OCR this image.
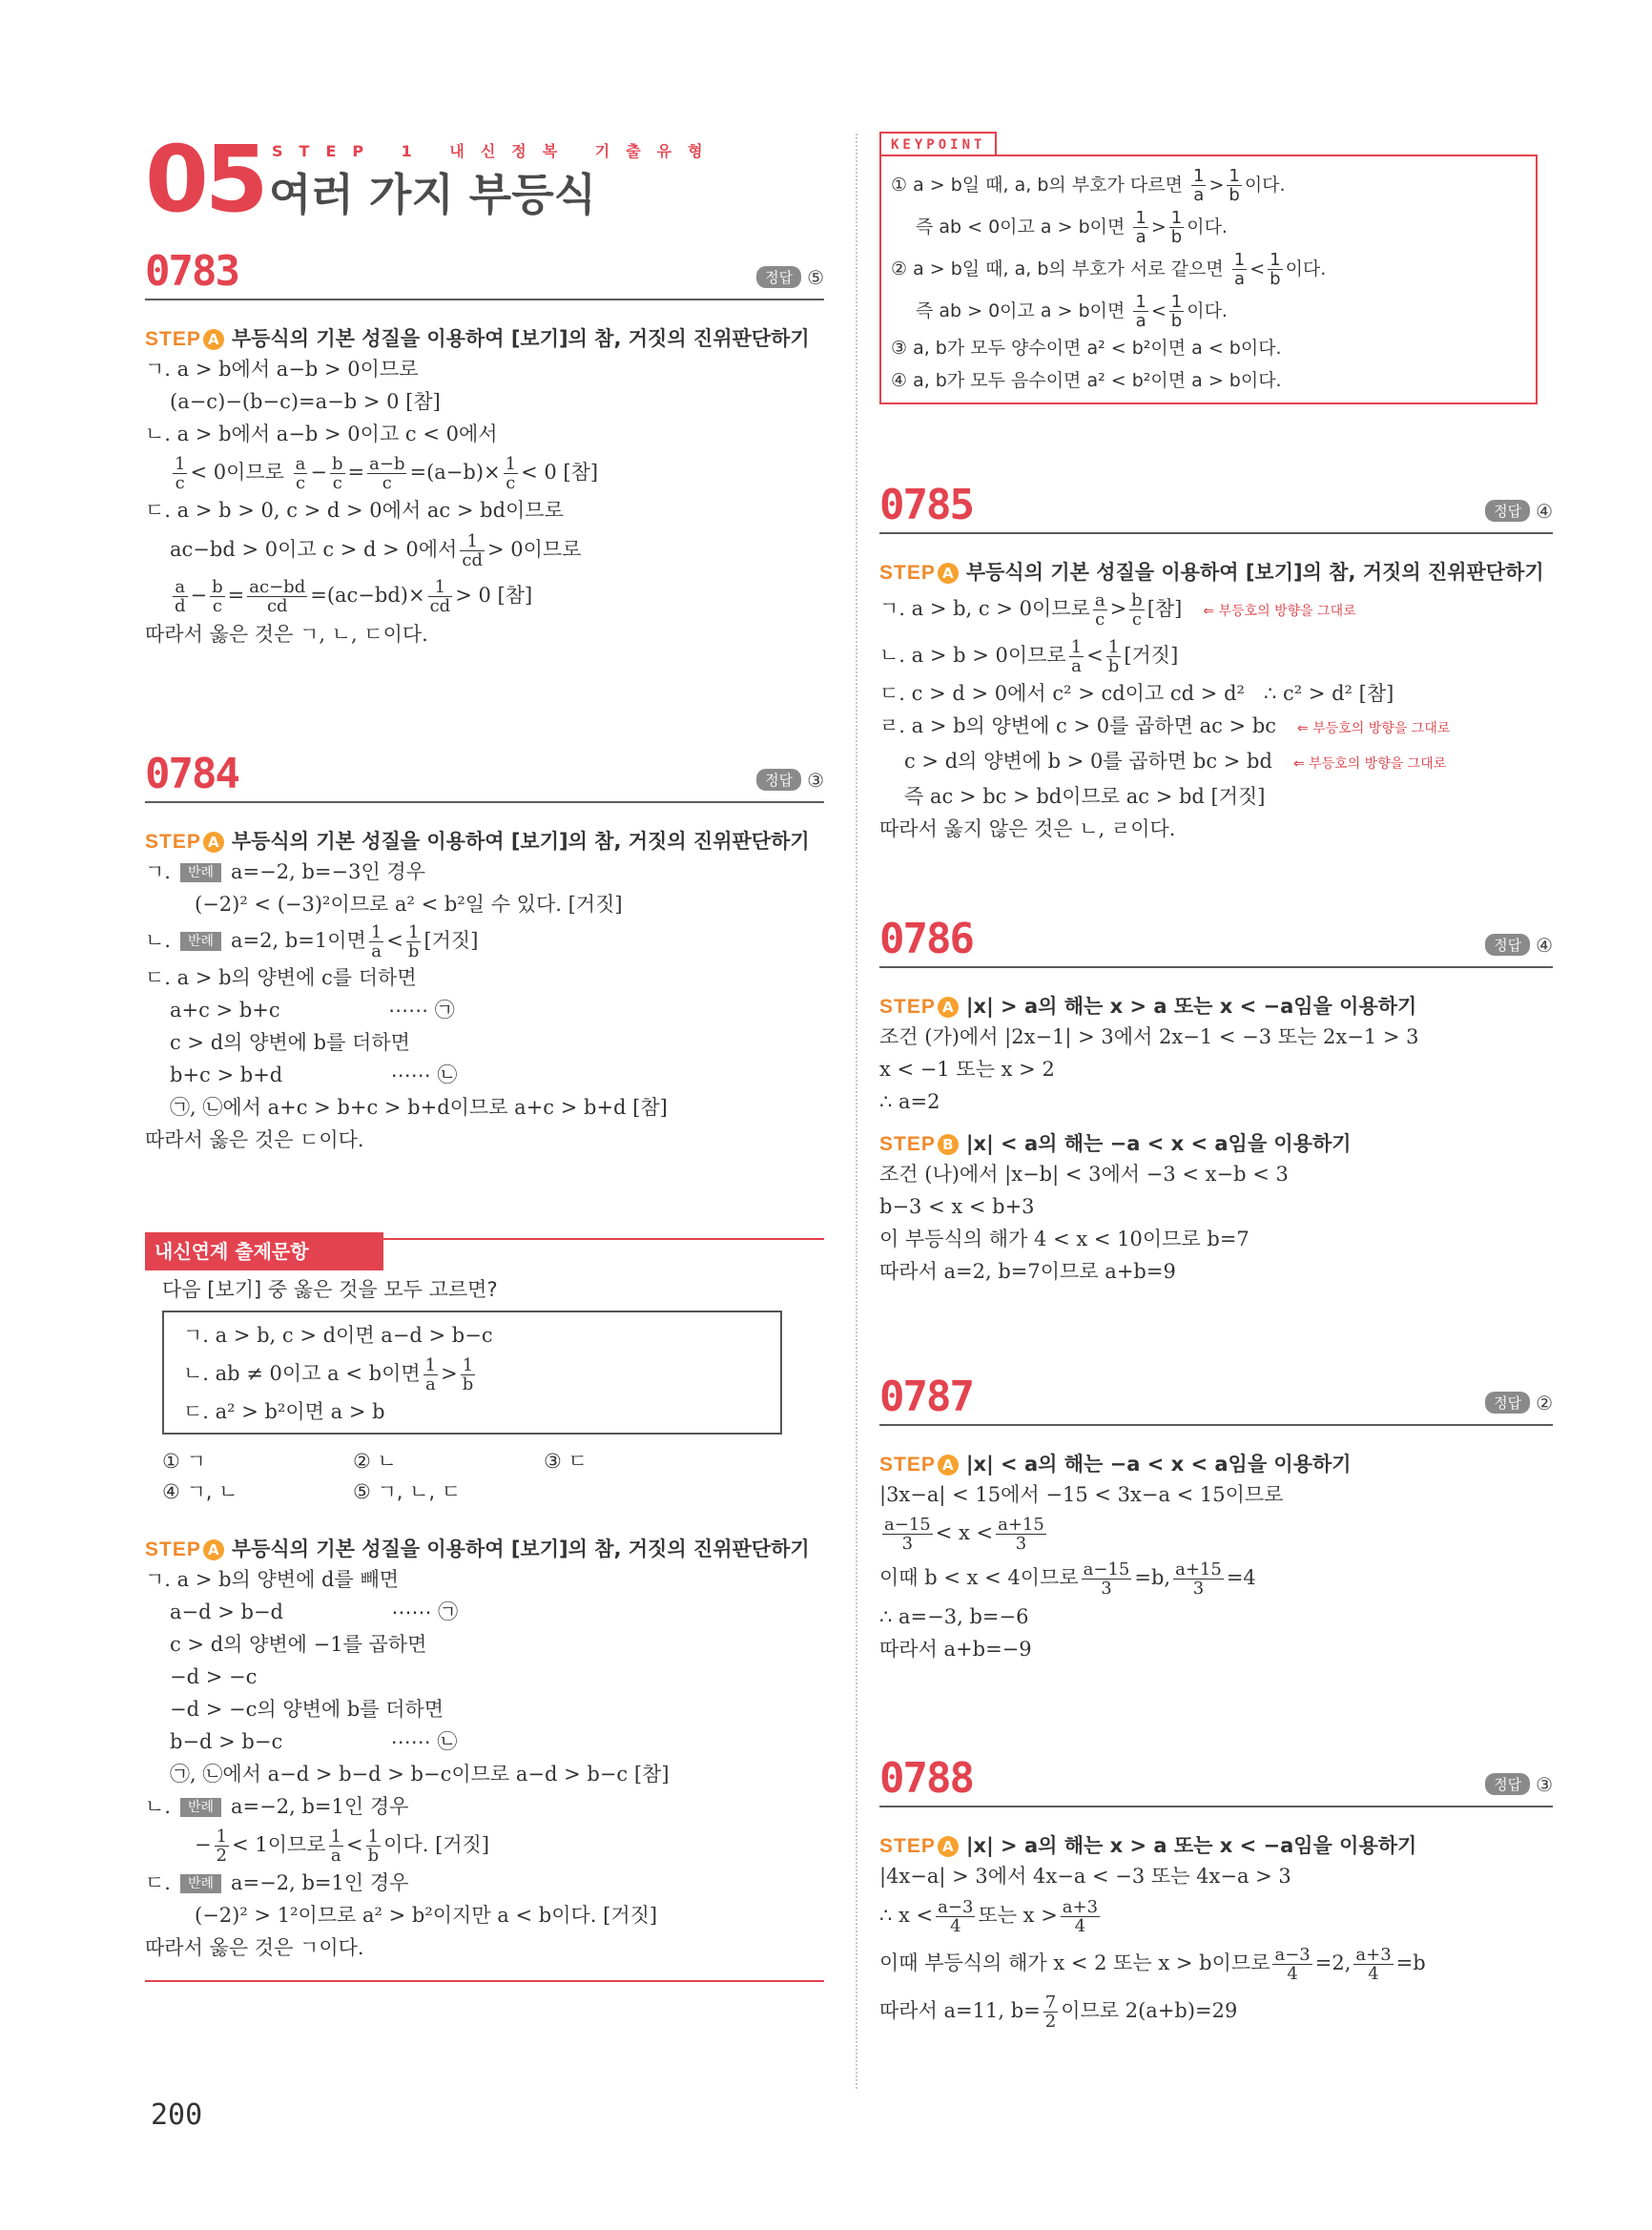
05 STEP 1 내신정복 기출유형
여러 가지 부등식
0783	정답 ⑤
STEP A 부등식의 기본 성질을 이용하여 [보기]의 참, 거짓의 진위판단하기
ㄱ. a > b에서 a−b > 0이므로
(a−c)−(b−c)=a−b > 0 [참]
ㄴ. a > b에서 a−b > 0이고 c < 0에서
$\frac{1}{c} < 0$이므로 $\frac{a}{c} - \frac{b}{c} = \frac{a-b}{c} =(a-b)\times \frac{1}{c} < 0$ [참]
ㄷ. a > b > 0, c > d > 0에서 ac > bd이므로
ac−bd > 0이고 c > d > 0에서 $\frac{1}{cd} > 0$이므로
$\frac{a}{d} - \frac{b}{c} = \frac{ac-bd}{cd} =(ac-bd)\times \frac{1}{cd} > 0$ [참]
따라서 옳은 것은 ㄱ, ㄴ, ㄷ이다.
0784	정답 ③
STEP A 부등식의 기본 성질을 이용하여 [보기]의 참, 거짓의 진위판단하기
ㄱ. 반례 a=−2, b=−3인 경우
(−2)² < (−3)²이므로 a² < b²일 수 있다. [거짓]
ㄴ. 반례 a=2, b=1이면 $\frac{1}{a} < \frac{1}{b}$ [거짓]
ㄷ. a > b의 양변에 c를 더하면
a+c > b+c                 ⋯⋯ ㉠
c > d의 양변에 b를 더하면
b+c > b+d                 ⋯⋯ ㉡
㉠, ㉡에서 a+c > b+c > b+d이므로 a+c > b+d [참]
따라서 옳은 것은 ㄷ이다.
내신연계 출제문항
다음 [보기] 중 옳은 것을 모두 고르면?
ㄱ. a > b, c > d이면 a−d > b−c
ㄴ. ab ≠ 0이고 a < b이면 $\frac{1}{a} > \frac{1}{b}$
ㄷ. a² > b²이면 a > b
① ㄱ	② ㄴ	③ ㄷ
④ ㄱ, ㄴ	⑤ ㄱ, ㄴ, ㄷ
STEP A 부등식의 기본 성질을 이용하여 [보기]의 참, 거짓의 진위판단하기
ㄱ. a > b의 양변에 d를 빼면
a−d > b−d                 ⋯⋯ ㉠
c > d의 양변에 −1를 곱하면
−d > −c
−d > −c의 양변에 b를 더하면
b−d > b−c                 ⋯⋯ ㉡
㉠, ㉡에서 a−d > b−d > b−c이므로 a−d > b−c [참]
ㄴ. 반례 a=−2, b=1인 경우
− $\frac{1}{2} < 1$이므로 $\frac{1}{a} < \frac{1}{b}$ 이다. [거짓]
ㄷ. 반례 a=−2, b=1인 경우
(−2)² > 1²이므로 a² > b²이지만 a < b이다. [거짓]
따라서 옳은 것은 ㄱ이다.
200
KEYPOINT
① a > b일 때, a, b의 부호가 다르면 $\frac{1}{a} > \frac{1}{b}$ 이다.
즉 ab < 0이고 a > b이면 $\frac{1}{a} > \frac{1}{b}$ 이다.
② a > b일 때, a, b의 부호가 서로 같으면 $\frac{1}{a} < \frac{1}{b}$ 이다.
즉 ab > 0이고 a > b이면 $\frac{1}{a} < \frac{1}{b}$ 이다.
③ a, b가 모두 양수이면 a² < b²이면 a < b이다.
④ a, b가 모두 음수이면 a² < b²이면 a > b이다.
0785	정답 ④
STEP A 부등식의 기본 성질을 이용하여 [보기]의 참, 거짓의 진위판단하기
ㄱ. a > b, c > 0이므로 $\frac{a}{c} > \frac{b}{c}$ [참] ⇐ 부등호의 방향을 그대로
ㄴ. a > b > 0이므로 $\frac{1}{a} < \frac{1}{b}$ [거짓]
ㄷ. c > d > 0에서 c² > cd이고 cd > d²   ∴ c² > d² [참]
ㄹ. a > b의 양변에 c > 0를 곱하면 ac > bc ⇐ 부등호의 방향을 그대로
c > d의 양변에 b > 0를 곱하면 bc > bd ⇐ 부등호의 방향을 그대로
즉 ac > bc > bd이므로 ac > bd [거짓]
따라서 옳지 않은 것은 ㄴ, ㄹ이다.
0786	정답 ④
STEP A |x| > a의 해는 x > a 또는 x < −a임을 이용하기
조건 (가)에서 |2x−1| > 3에서 2x−1 < −3 또는 2x−1 > 3
x < −1 또는 x > 2
∴ a=2
STEP B |x| < a의 해는 −a < x < a임을 이용하기
조건 (나)에서 |x−b| < 3에서 −3 < x−b < 3
b−3 < x < b+3
이 부등식의 해가 4 < x < 10이므로 b=7
따라서 a=2, b=7이므로 a+b=9
0787	정답 ②
STEP A |x| < a의 해는 −a < x < a임을 이용하기
|3x−a| < 15에서 −15 < 3x−a < 15이므로
$\frac{a-15}{3} < x < \frac{a+15}{3}$
이때 b < x < 4이므로 $\frac{a-15}{3} =b$, $\frac{a+15}{3} =4$
∴ a=−3, b=−6
따라서 a+b=−9
0788	정답 ③
STEP A |x| > a의 해는 x > a 또는 x < −a임을 이용하기
|4x−a| > 3에서 4x−a < −3 또는 4x−a > 3
∴ $x < \frac{a-3}{4}$ 또는 $x > \frac{a+3}{4}$
이때 부등식의 해가 x < 2 또는 x > b이므로 $\frac{a-3}{4} =2$, $\frac{a+3}{4} =b$
따라서 a=11, $b= \frac{7}{2}$ 이므로 2(a+b)=29
